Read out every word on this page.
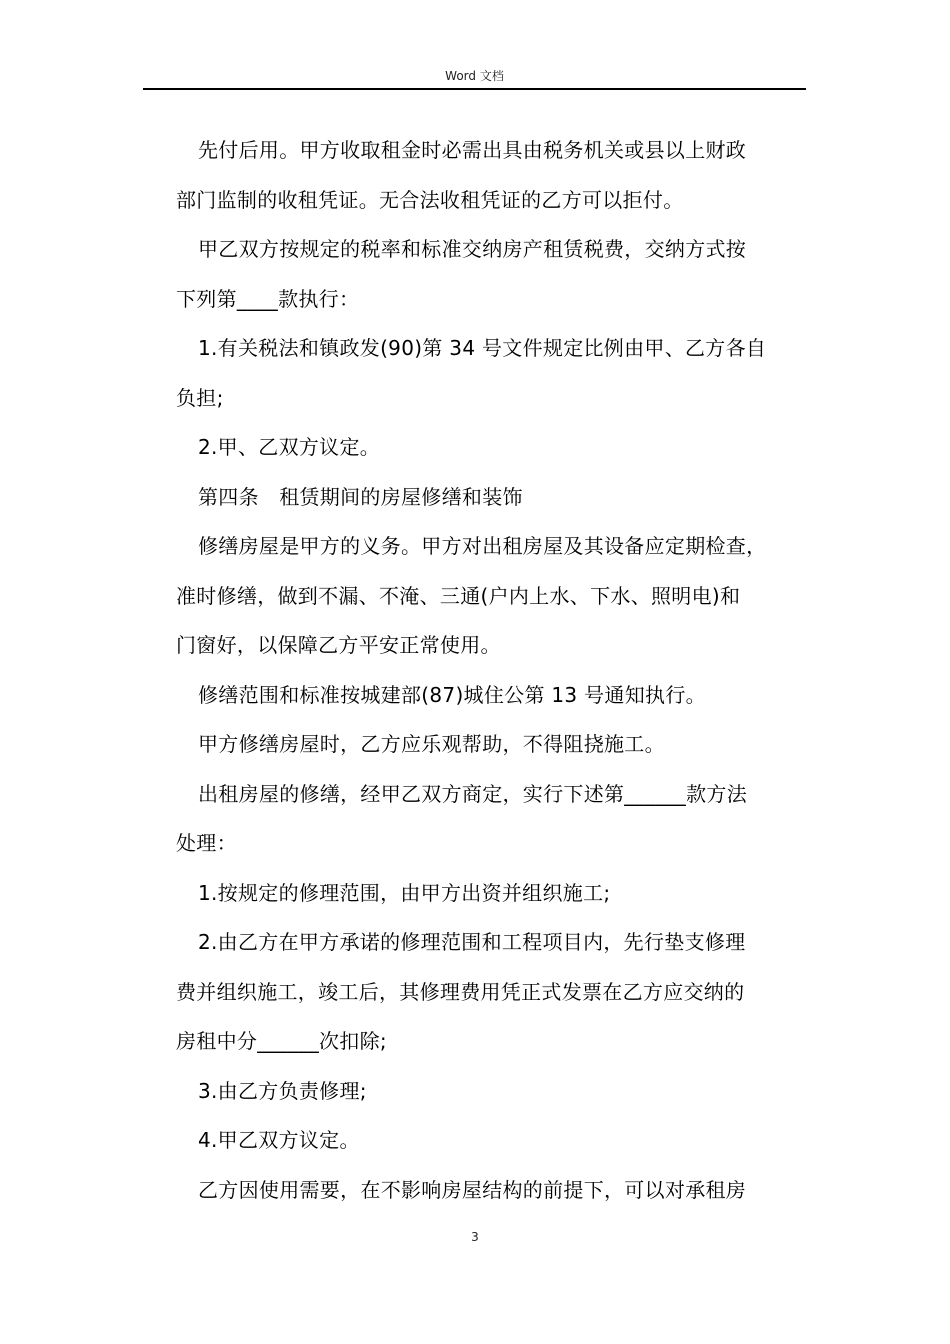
Word 文档
先付后用。甲方收取租金时必需出具由税务机关或县以上财政
部门监制的收租凭证。无合法收租凭证的乙方可以拒付。
甲乙双方按规定的税率和标准交纳房产租赁税费，交纳方式按
下列第____款执行：
1.有关税法和镇政发(90)第 34 号文件规定比例由甲、乙方各自
负担;
2.甲、乙双方议定。
第四条　租赁期间的房屋修缮和装饰
修缮房屋是甲方的义务。甲方对出租房屋及其设备应定期检查，
准时修缮，做到不漏、不淹、三通(户内上水、下水、照明电)和
门窗好，以保障乙方平安正常使用。
修缮范围和标准按城建部(87)城住公第 13 号通知执行。
甲方修缮房屋时，乙方应乐观帮助，不得阻挠施工。
出租房屋的修缮，经甲乙双方商定，实行下述第______款方法
处理：
1.按规定的修理范围，由甲方出资并组织施工;
2.由乙方在甲方承诺的修理范围和工程项目内，先行垫支修理
费并组织施工，竣工后，其修理费用凭正式发票在乙方应交纳的
房租中分______次扣除;
3.由乙方负责修理;
4.甲乙双方议定。
乙方因使用需要，在不影响房屋结构的前提下，可以对承租房
3
